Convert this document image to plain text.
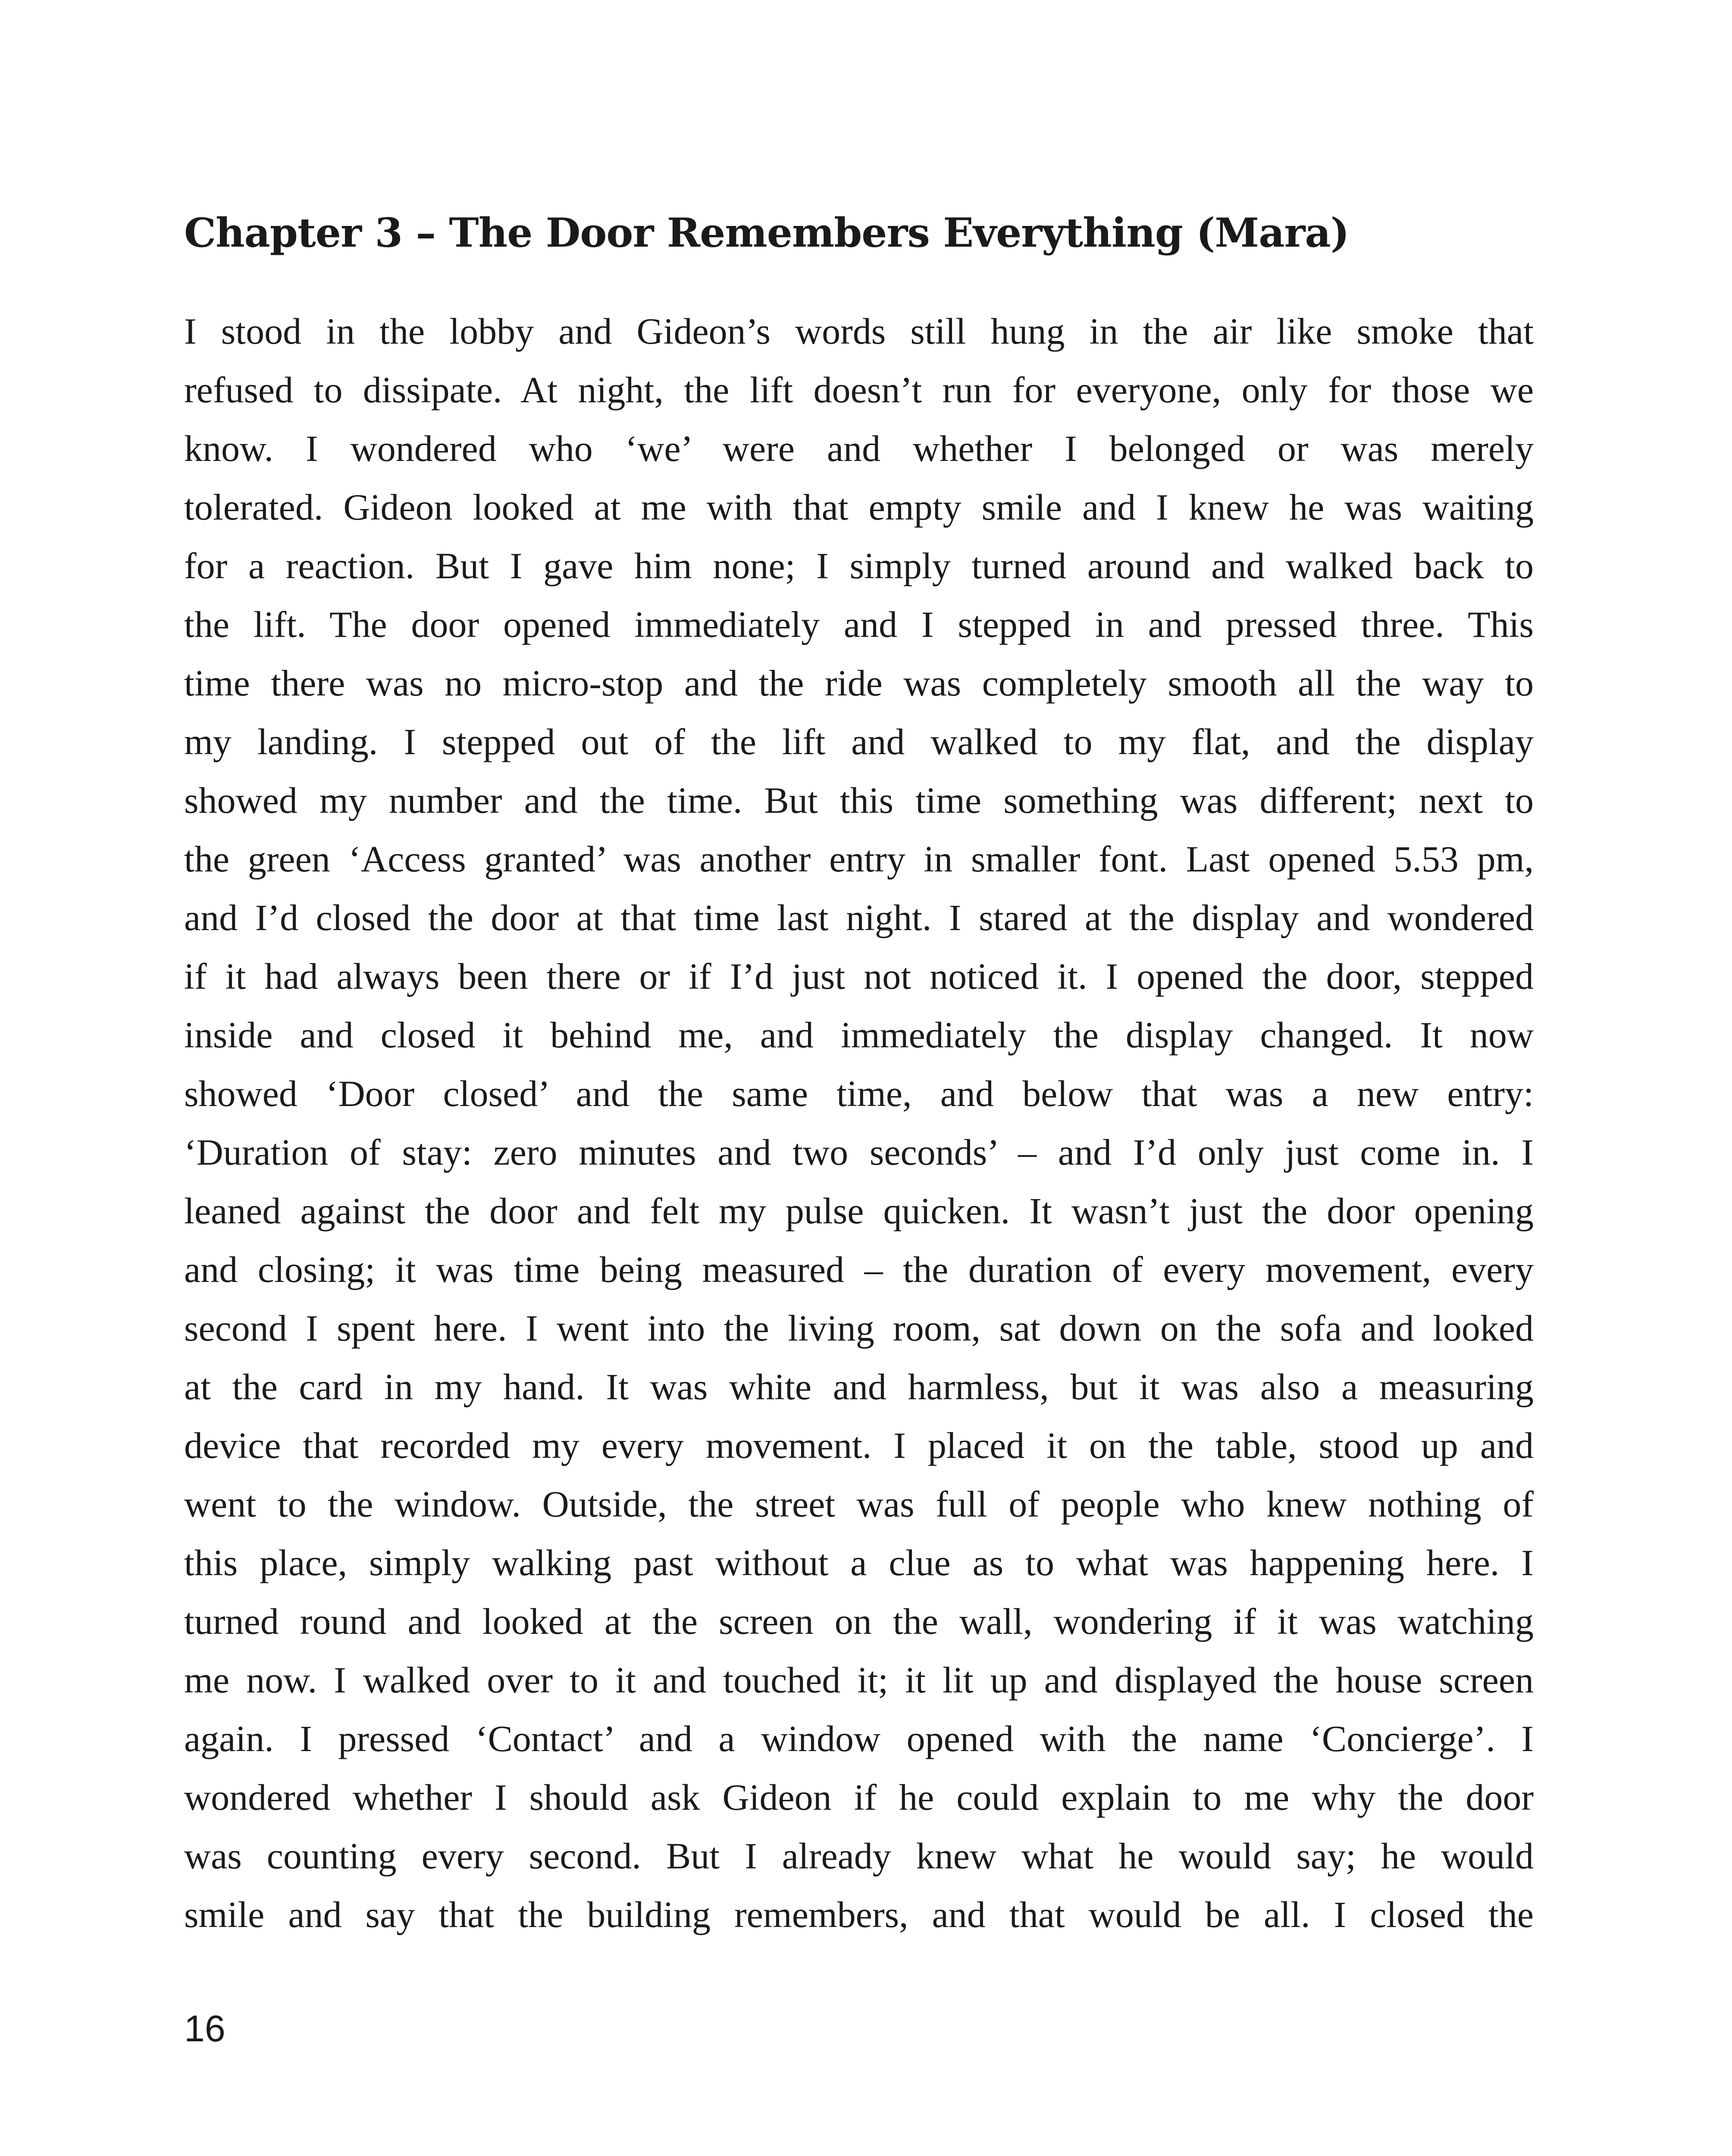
Chapter 3 – The Door Remembers Everything (Mara)
I stood in the lobby and Gideon’s words still hung in the air like smoke that
refused to dissipate. At night, the lift doesn’t run for everyone, only for those we
know. I wondered who ‘we’ were and whether I belonged or was merely
tolerated. Gideon looked at me with that empty smile and I knew he was waiting
for a reaction. But I gave him none; I simply turned around and walked back to
the lift. The door opened immediately and I stepped in and pressed three. This
time there was no micro-stop and the ride was completely smooth all the way to
my landing. I stepped out of the lift and walked to my flat, and the display
showed my number and the time. But this time something was different; next to
the green ‘Access granted’ was another entry in smaller font. Last opened 5.53 pm,
and I’d closed the door at that time last night. I stared at the display and wondered
if it had always been there or if I’d just not noticed it. I opened the door, stepped
inside and closed it behind me, and immediately the display changed. It now
showed ‘Door closed’ and the same time, and below that was a new entry:
‘Duration of stay: zero minutes and two seconds’ – and I’d only just come in. I
leaned against the door and felt my pulse quicken. It wasn’t just the door opening
and closing; it was time being measured – the duration of every movement, every
second I spent here. I went into the living room, sat down on the sofa and looked
at the card in my hand. It was white and harmless, but it was also a measuring
device that recorded my every movement. I placed it on the table, stood up and
went to the window. Outside, the street was full of people who knew nothing of
this place, simply walking past without a clue as to what was happening here. I
turned round and looked at the screen on the wall, wondering if it was watching
me now. I walked over to it and touched it; it lit up and displayed the house screen
again. I pressed ‘Contact’ and a window opened with the name ‘Concierge’. I
wondered whether I should ask Gideon if he could explain to me why the door
was counting every second. But I already knew what he would say; he would
smile and say that the building remembers, and that would be all. I closed the
16
